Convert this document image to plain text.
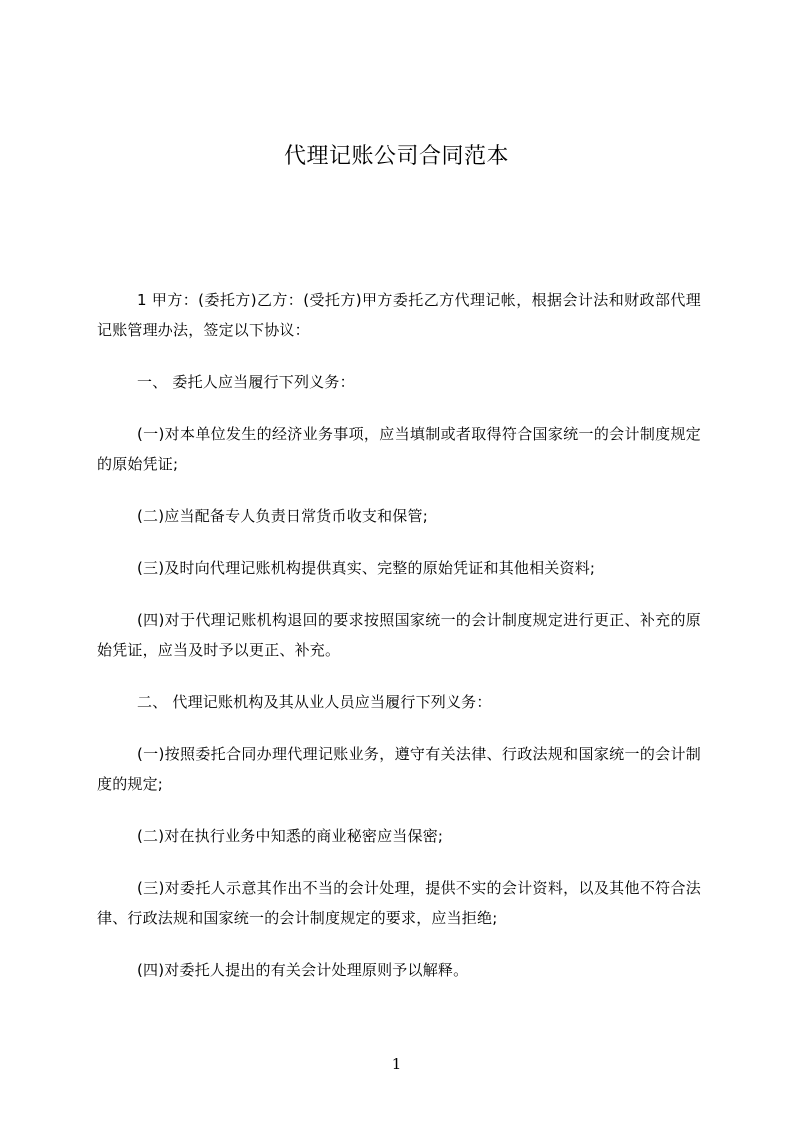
代理记账公司合同范本

1 甲方：(委托方)乙方：(受托方)甲方委托乙方代理记帐，根据会计法和财政部代理记账管理办法，签定以下协议：

一、 委托人应当履行下列义务：

(一)对本单位发生的经济业务事项，应当填制或者取得符合国家统一的会计制度规定的原始凭证;

(二)应当配备专人负责日常货币收支和保管;

(三)及时向代理记账机构提供真实、完整的原始凭证和其他相关资料;

(四)对于代理记账机构退回的要求按照国家统一的会计制度规定进行更正、补充的原始凭证，应当及时予以更正、补充。

二、 代理记账机构及其从业人员应当履行下列义务：

(一)按照委托合同办理代理记账业务，遵守有关法律、行政法规和国家统一的会计制度的规定;

(二)对在执行业务中知悉的商业秘密应当保密;

(三)对委托人示意其作出不当的会计处理，提供不实的会计资料，以及其他不符合法律、行政法规和国家统一的会计制度规定的要求，应当拒绝;

(四)对委托人提出的有关会计处理原则予以解释。

1
